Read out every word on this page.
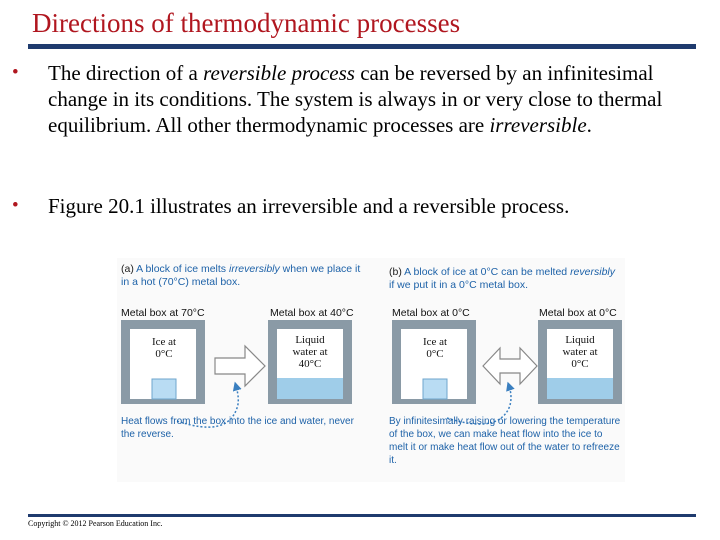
Directions of thermodynamic processes
• The direction of a reversible process can be reversed by an infinitesimal change in its conditions. The system is always in or very close to thermal equilibrium. All other thermodynamic processes are irreversible.
• Figure 20.1 illustrates an irreversible and a reversible process.
(a) A block of ice melts irreversibly when we place it in a hot (70°C) metal box.
(b) A block of ice at 0°C can be melted reversibly if we put it in a 0°C metal box.
Metal box at 70°C	Metal box at 40°C	Metal box at 0°C	Metal box at 0°C
Ice at 0°C
Liquid water at 40°C
Ice at 0°C
Liquid water at 0°C
Heat flows from the box into the ice and water, never the reverse.
By infinitesimally raising or lowering the temperature of the box, we can make heat flow into the ice to melt it or make heat flow out of the water to refreeze it.
Copyright © 2012 Pearson Education Inc.
